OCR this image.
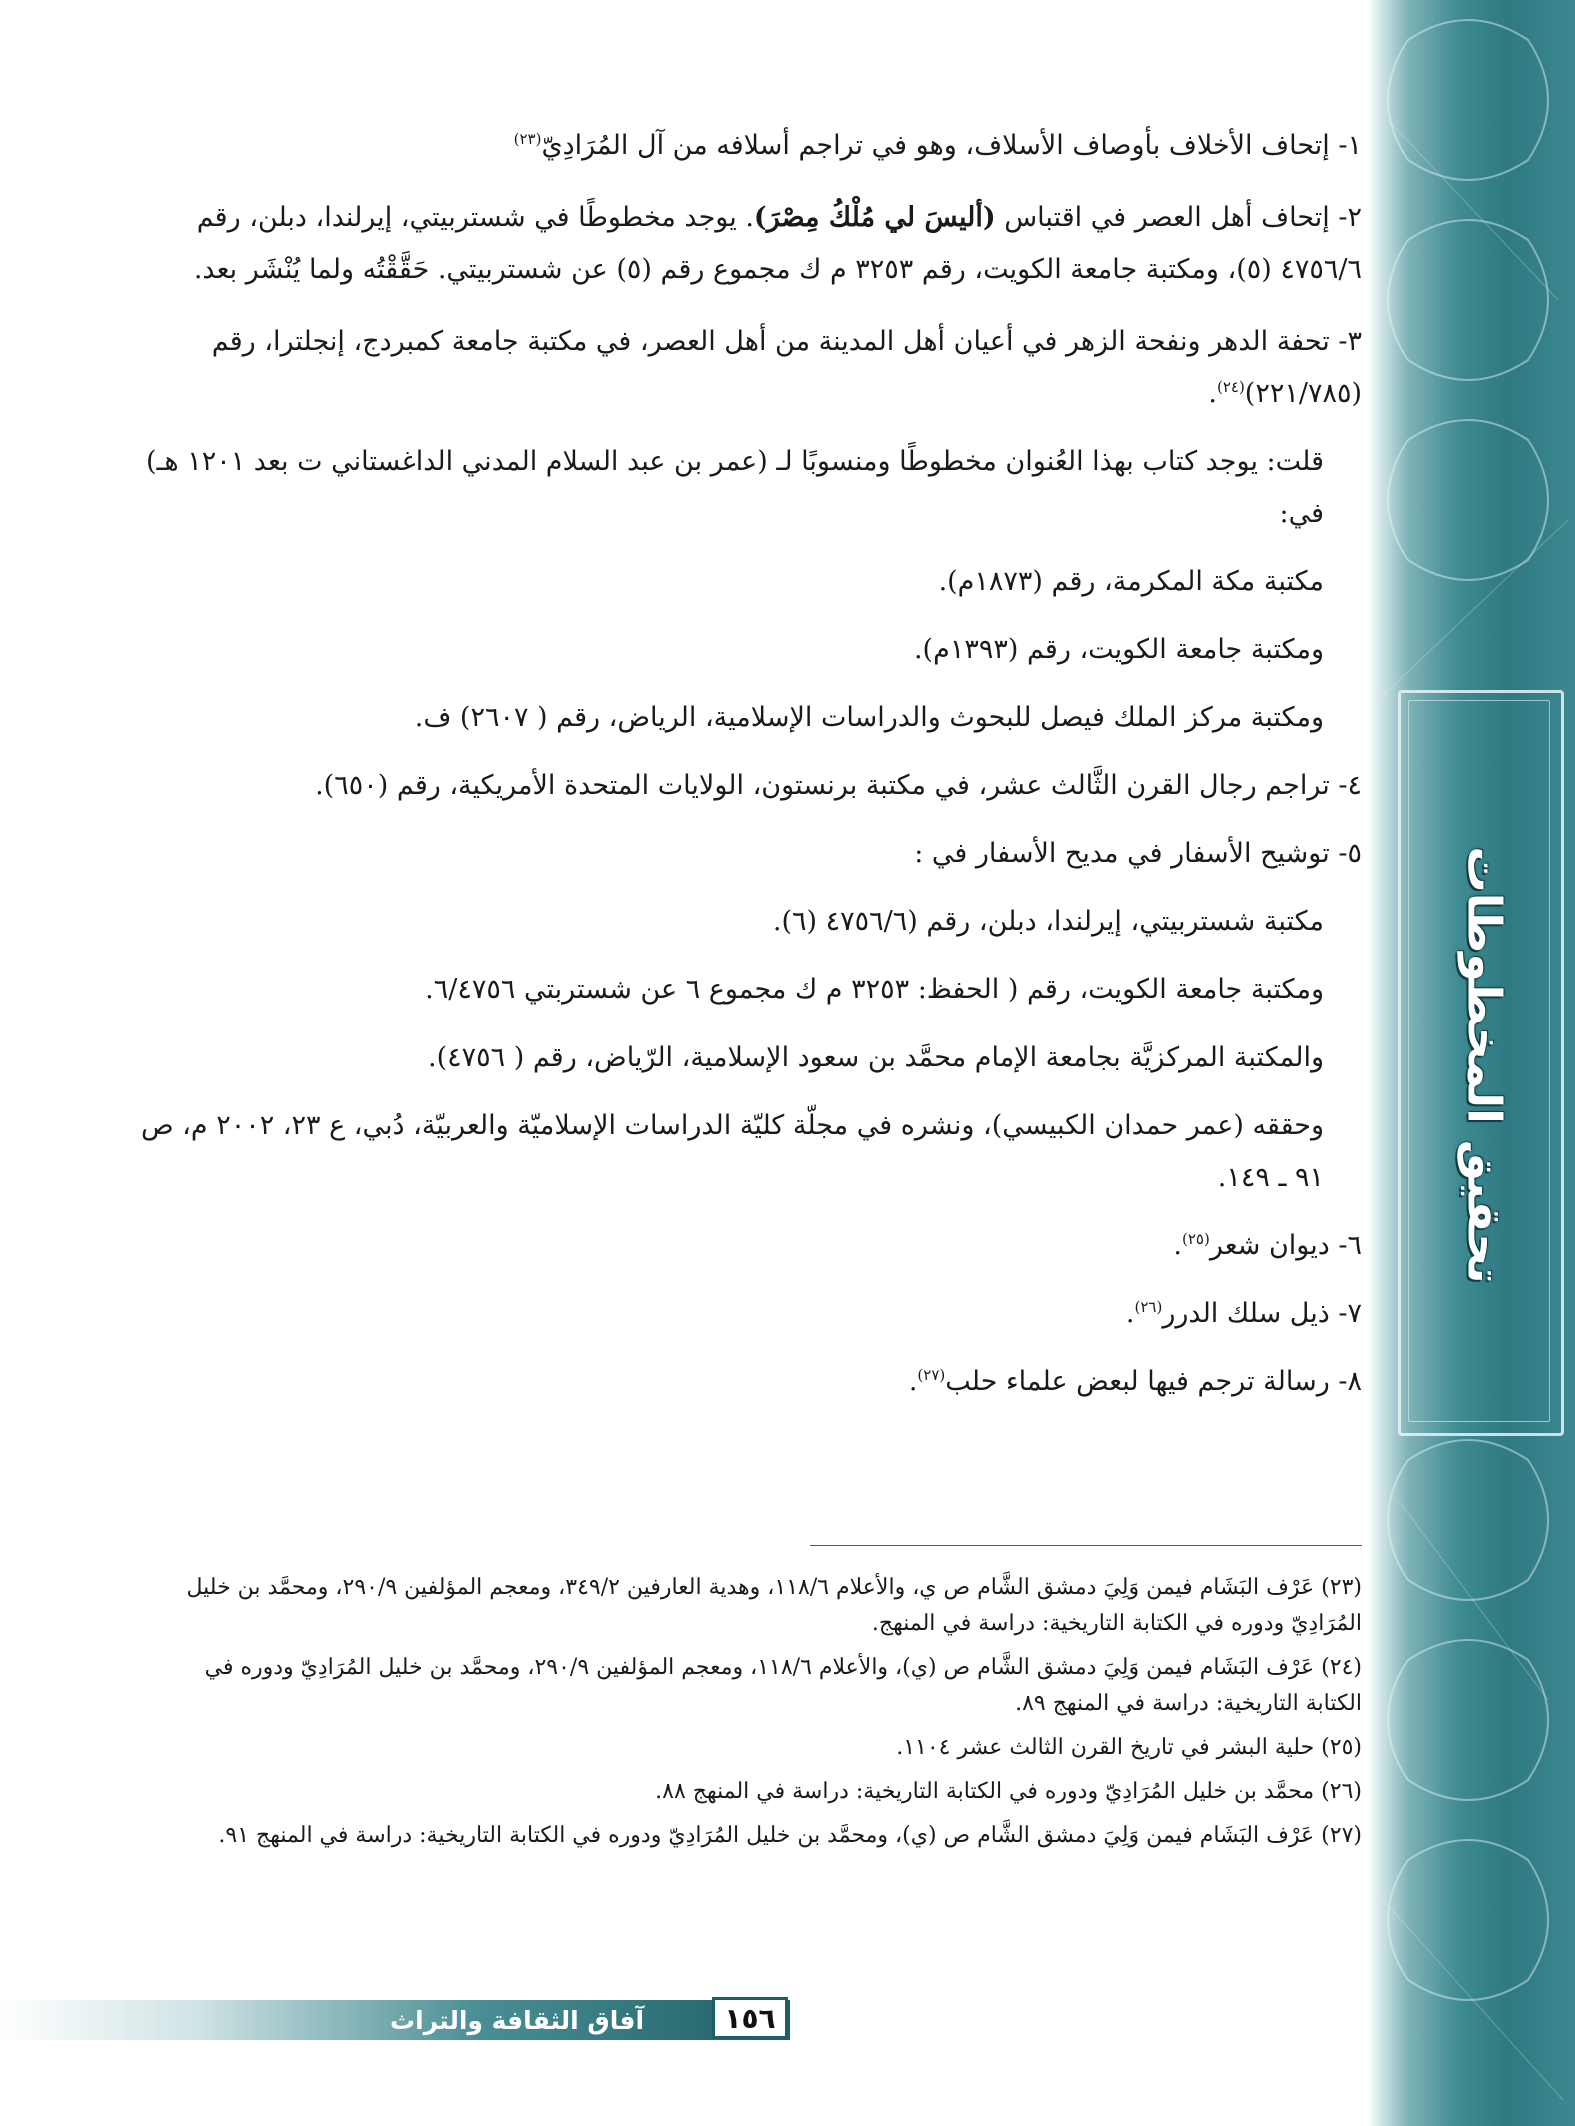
تحقيق المخطوطات

١- إتحاف الأخلاف بأوصاف الأسلاف، وهو في تراجم أسلافه من آل المُرَادِيّ$^{(٢٣)}$

٢- إتحاف أهل العصر في اقتباس (أليسَ لي مُلْكُ مِصْرَ). يوجد مخطوطًا في شستربيتي، إيرلندا، دبلن، رقم ٤٧٥٦/٦ (٥)، ومكتبة جامعة الكويت، رقم ٣٢٥٣ م ك مجموع رقم (٥) عن شستربيتي. حَقَّقْتُه ولما يُنْشَر بعد.

٣- تحفة الدهر ونفحة الزهر في أعيان أهل المدينة من أهل العصر، في مكتبة جامعة كمبردج، إنجلترا، رقم (٢٢١/٧٨٥)$^{(٢٤)}$.

قلت: يوجد كتاب بهذا العُنوان مخطوطًا ومنسوبًا لـ (عمر بن عبد السلام المدني الداغستاني ت بعد ١٢٠١ هـ) في:

مكتبة مكة المكرمة، رقم (١٨٧٣م).

ومكتبة جامعة الكويت، رقم (١٣٩٣م).

ومكتبة مركز الملك فيصل للبحوث والدراسات الإسلامية، الرياض، رقم ( ٢٦٠٧) ف.

٤- تراجم رجال القرن الثَّالث عشر، في مكتبة برنستون، الولايات المتحدة الأمريكية، رقم (٦٥٠).

٥- توشيح الأسفار في مديح الأسفار في :

مكتبة شستربيتي، إيرلندا، دبلن، رقم (٤٧٥٦/٦ (٦).

ومكتبة جامعة الكويت، رقم ( الحفظ: ٣٢٥٣ م ك مجموع ٦ عن شستربتي ٦/٤٧٥٦.

والمكتبة المركزيَّة بجامعة الإمام محمَّد بن سعود الإسلامية، الرّياض، رقم ( ٤٧٥٦).

وحققه (عمر حمدان الكبيسي)، ونشره في مجلّة كليّة الدراسات الإسلاميّة والعربيّة، دُبي، ع ٢٣، ٢٠٠٢ م، ص ٩١ ـ ١٤٩.

٦- ديوان شعر$^{(٢٥)}$.

٧- ذيل سلك الدرر$^{(٢٦)}$.

٨- رسالة ترجم فيها لبعض علماء حلب$^{(٢٧)}$.

(٢٣) عَرْف البَشَام فيمن وَلِيَ دمشق الشَّام ص ي، والأعلام ١١٨/٦، وهدية العارفين ٣٤٩/٢، ومعجم المؤلفين ٢٩٠/٩، ومحمَّد بن خليل المُرَادِيّ ودوره في الكتابة التاريخية: دراسة في المنهج.

(٢٤) عَرْف البَشَام فيمن وَلِيَ دمشق الشَّام ص (ي)، والأعلام ١١٨/٦، ومعجم المؤلفين ٢٩٠/٩، ومحمَّد بن خليل المُرَادِيّ ودوره في الكتابة التاريخية: دراسة في المنهج ٨٩.

(٢٥) حلية البشر في تاريخ القرن الثالث عشر ١١٠٤.

(٢٦) محمَّد بن خليل المُرَادِيّ ودوره في الكتابة التاريخية: دراسة في المنهج ٨٨.

(٢٧) عَرْف البَشَام فيمن وَلِيَ دمشق الشَّام ص (ي)، ومحمَّد بن خليل المُرَادِيّ ودوره في الكتابة التاريخية: دراسة في المنهج ٩١.

آفاق الثقافة والتراث	١٥٦
